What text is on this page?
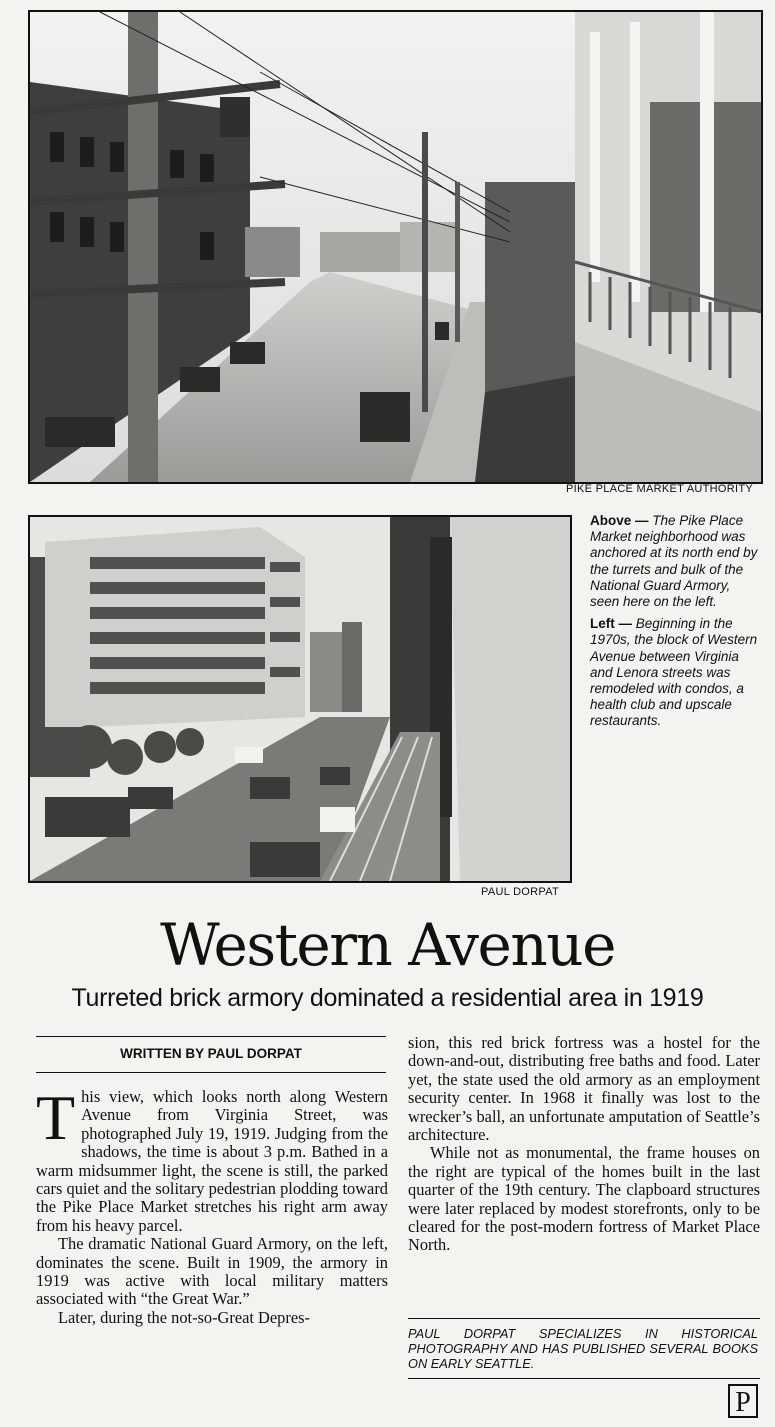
PIKE PLACE MARKET AUTHORITY
PAUL DORPAT

Above — The Pike Place Market neighborhood was anchored at its north end by the turrets and bulk of the National Guard Armory, seen here on the left.

Left — Beginning in the 1970s, the block of Western Avenue between Virginia and Lenora streets was remodeled with condos, a health club and upscale restaurants.

Western Avenue
Turreted brick armory dominated a residential area in 1919
WRITTEN BY PAUL DORPAT

This view, which looks north along Western Avenue from Virginia Street, was photographed July 19, 1919. Judging from the shadows, the time is about 3 p.m. Bathed in a warm midsummer light, the scene is still, the parked cars quiet and the solitary pedestrian plodding toward the Pike Place Market stretches his right arm away from his heavy parcel.

The dramatic National Guard Armory, on the left, dominates the scene. Built in 1909, the armory in 1919 was active with local military matters associated with “the Great War.”

Later, during the not-so-Great Depres-

sion, this red brick fortress was a hostel for the down-and-out, distributing free baths and food. Later yet, the state used the old armory as an employment security center. In 1968 it finally was lost to the wrecker’s ball, an unfortunate amputation of Seattle’s architecture.

While not as monumental, the frame houses on the right are typical of the homes built in the last quarter of the 19th century. The clapboard structures were later replaced by modest storefronts, only to be cleared for the post-modern fortress of Market Place North.

PAUL DORPAT SPECIALIZES IN HISTORICAL PHOTOGRAPHY AND HAS PUBLISHED SEVERAL BOOKS ON EARLY SEATTLE.
P
